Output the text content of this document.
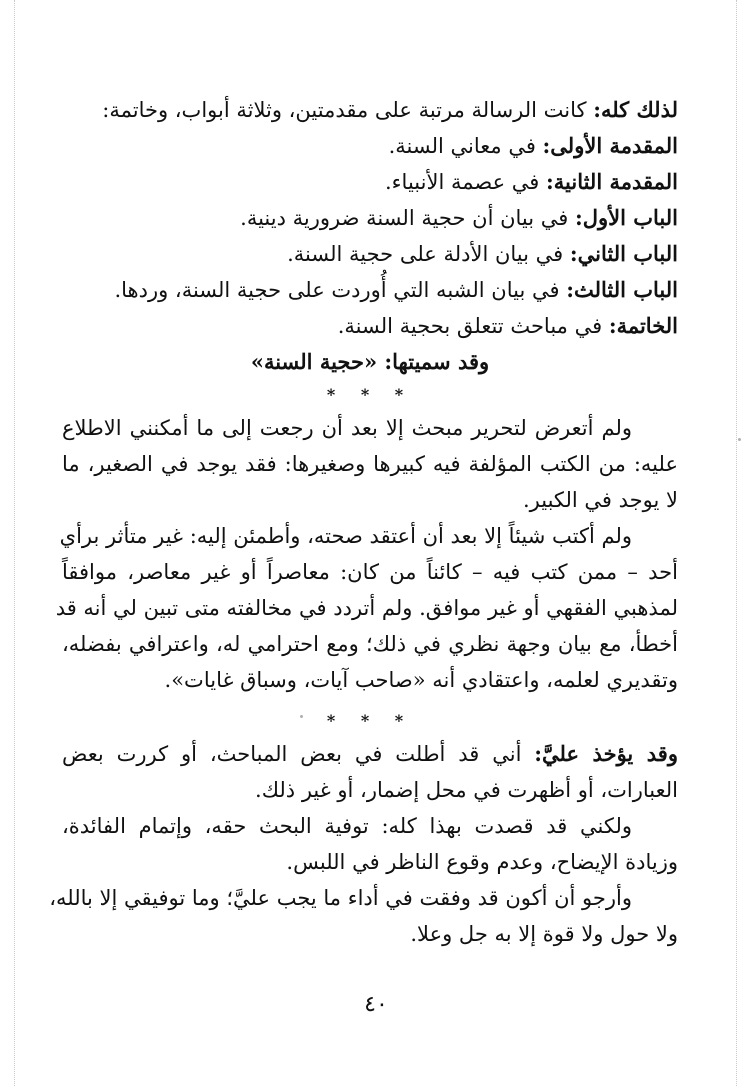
لذلك كله: كانت الرسالة مرتبة على مقدمتين، وثلاثة أبواب، وخاتمة:
المقدمة الأولى: في معاني السنة.
المقدمة الثانية: في عصمة الأنبياء.
الباب الأول: في بيان أن حجية السنة ضرورية دينية.
الباب الثاني: في بيان الأدلة على حجية السنة.
الباب الثالث: في بيان الشبه التي أُوردت على حجية السنة، وردها.
الخاتمة: في مباحث تتعلق بحجية السنة.
وقد سميتها: «حجية السنة»
* * *
ولم أتعرض لتحرير مبحث إلا بعد أن رجعت إلى ما أمكنني الاطلاع
عليه: من الكتب المؤلفة فيه كبيرها وصغيرها: فقد يوجد في الصغير، ما
لا يوجد في الكبير.
ولم أكتب شيئاً إلا بعد أن أعتقد صحته، وأطمئن إليه: غير متأثر برأي
أحد – ممن كتب فيه – كائناً من كان: معاصراً أو غير معاصر، موافقاً
لمذهبي الفقهي أو غير موافق. ولم أتردد في مخالفته متى تبين لي أنه قد
أخطأ، مع بيان وجهة نظري في ذلك؛ ومع احترامي له، واعترافي بفضله،
وتقديري لعلمه، واعتقادي أنه «صاحب آيات، وسباق غايات».
* * *
وقد يؤخذ عليَّ: أني قد أطلت في بعض المباحث، أو كررت بعض
العبارات، أو أظهرت في محل إضمار، أو غير ذلك.
ولكني قد قصدت بهذا كله: توفية البحث حقه، وإتمام الفائدة،
وزيادة الإيضاح، وعدم وقوع الناظر في اللبس.
وأرجو أن أكون قد وفقت في أداء ما يجب عليَّ؛ وما توفيقي إلا بالله،
ولا حول ولا قوة إلا به جل وعلا.
٤٠
